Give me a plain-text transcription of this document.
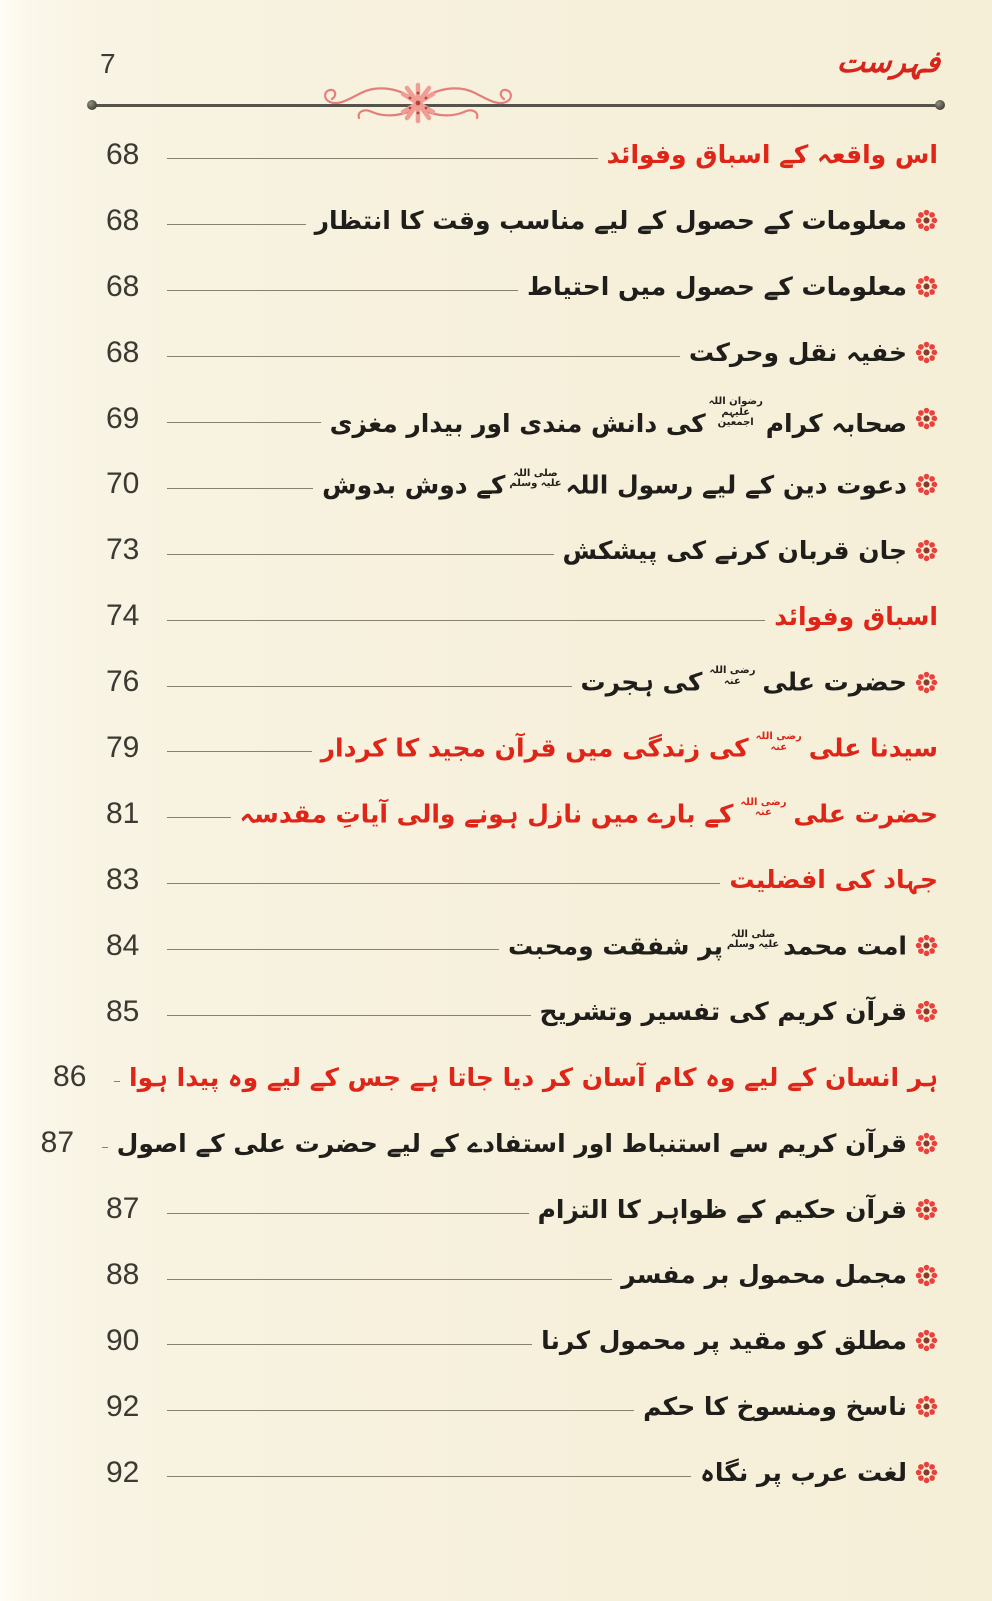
7	فہرست
اس واقعہ کے اسباق وفوائد
68
معلومات کے حصول کے لیے مناسب وقت کا انتظار
68
معلومات کے حصول میں احتیاط
68
خفیہ نقل وحرکت
68
صحابہ کرامرضوان اللہ علیہم اجمعینکی دانش مندی اور بیدار مغزی
69
دعوت دین کے لیے رسول اللہصلی اللہ علیہ وسلمکے دوش بدوش
70
جان قربان کرنے کی پیشکش
73
اسباق وفوائد
74
حضرت علیرضی اللہ عنہکی ہجرت
76
سیدنا علیرضی اللہ عنہکی زندگی میں قرآن مجید کا کردار
79
حضرت علیرضی اللہ عنہکے بارے میں نازل ہونے والی آیاتِ مقدسہ
81
جہاد کی افضلیت
83
امت محمدصلی اللہ علیہ وسلمپر شفقت ومحبت
84
قرآن کریم کی تفسیر وتشریح
85
ہر انسان کے لیے وہ کام آسان کر دیا جاتا ہے جس کے لیے وہ پیدا ہوا
86
قرآن کریم سے استنباط اور استفادے کے لیے حضرت علی کے اصول
87
قرآن حکیم کے ظواہر کا التزام
87
مجمل محمول بر مفسر
88
مطلق کو مقید پر محمول کرنا
90
ناسخ ومنسوخ کا حکم
92
لغت عرب پر نگاہ
92
